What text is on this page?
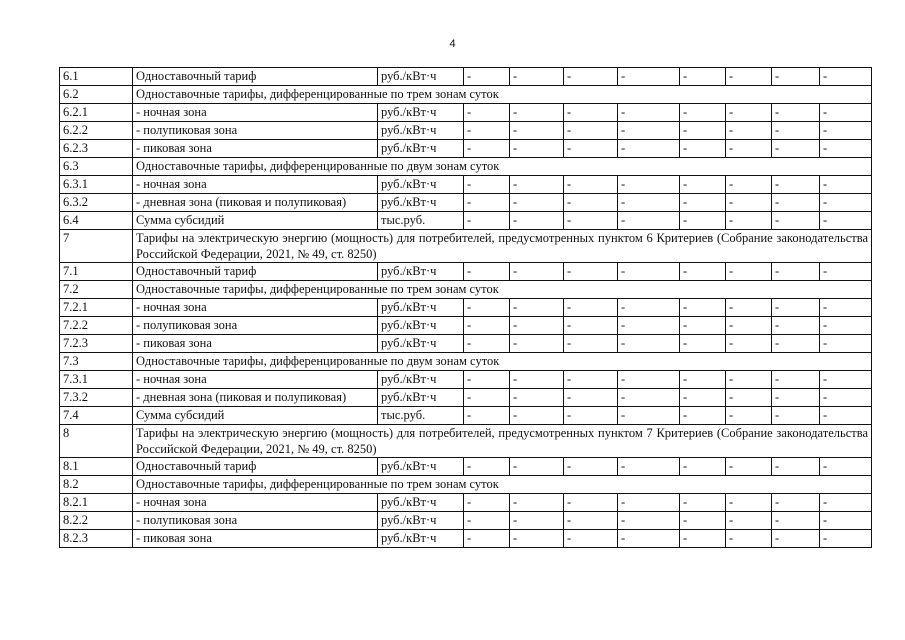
4
6.1	Одноставочный тариф	руб./кВт·ч	-	-	-	-	-	-	-	-
6.2	Одноставочные тарифы, дифференцированные по трем зонам суток									
6.2.1	- ночная зона	руб./кВт·ч	-	-	-	-	-	-	-	-
6.2.2	- полупиковая зона	руб./кВт·ч	-	-	-	-	-	-	-	-
6.2.3	- пиковая зона	руб./кВт·ч	-	-	-	-	-	-	-	-
6.3	Одноставочные тарифы, дифференцированные по двум зонам суток									
6.3.1	- ночная зона	руб./кВт·ч	-	-	-	-	-	-	-	-
6.3.2	- дневная зона (пиковая и полупиковая)	руб./кВт·ч	-	-	-	-	-	-	-	-
6.4	Сумма субсидий	тыс.руб.	-	-	-	-	-	-	-	-
7	Тарифы на электрическую энергию (мощность) для потребителей, предусмотренных пунктом 6 Критериев (Собрание законодательства Российской Федерации, 2021, № 49, ст. 8250)									
7.1	Одноставочный тариф	руб./кВт·ч	-	-	-	-	-	-	-	-
7.2	Одноставочные тарифы, дифференцированные по трем зонам суток									
7.2.1	- ночная зона	руб./кВт·ч	-	-	-	-	-	-	-	-
7.2.2	- полупиковая зона	руб./кВт·ч	-	-	-	-	-	-	-	-
7.2.3	- пиковая зона	руб./кВт·ч	-	-	-	-	-	-	-	-
7.3	Одноставочные тарифы, дифференцированные по двум зонам суток									
7.3.1	- ночная зона	руб./кВт·ч	-	-	-	-	-	-	-	-
7.3.2	- дневная зона (пиковая и полупиковая)	руб./кВт·ч	-	-	-	-	-	-	-	-
7.4	Сумма субсидий	тыс.руб.	-	-	-	-	-	-	-	-
8	Тарифы на электрическую энергию (мощность) для потребителей, предусмотренных пунктом 7 Критериев (Собрание законодательства Российской Федерации, 2021, № 49, ст. 8250)									
8.1	Одноставочный тариф	руб./кВт·ч	-	-	-	-	-	-	-	-
8.2	Одноставочные тарифы, дифференцированные по трем зонам суток									
8.2.1	- ночная зона	руб./кВт·ч	-	-	-	-	-	-	-	-
8.2.2	- полупиковая зона	руб./кВт·ч	-	-	-	-	-	-	-	-
8.2.3	- пиковая зона	руб./кВт·ч	-	-	-	-	-	-	-	-
